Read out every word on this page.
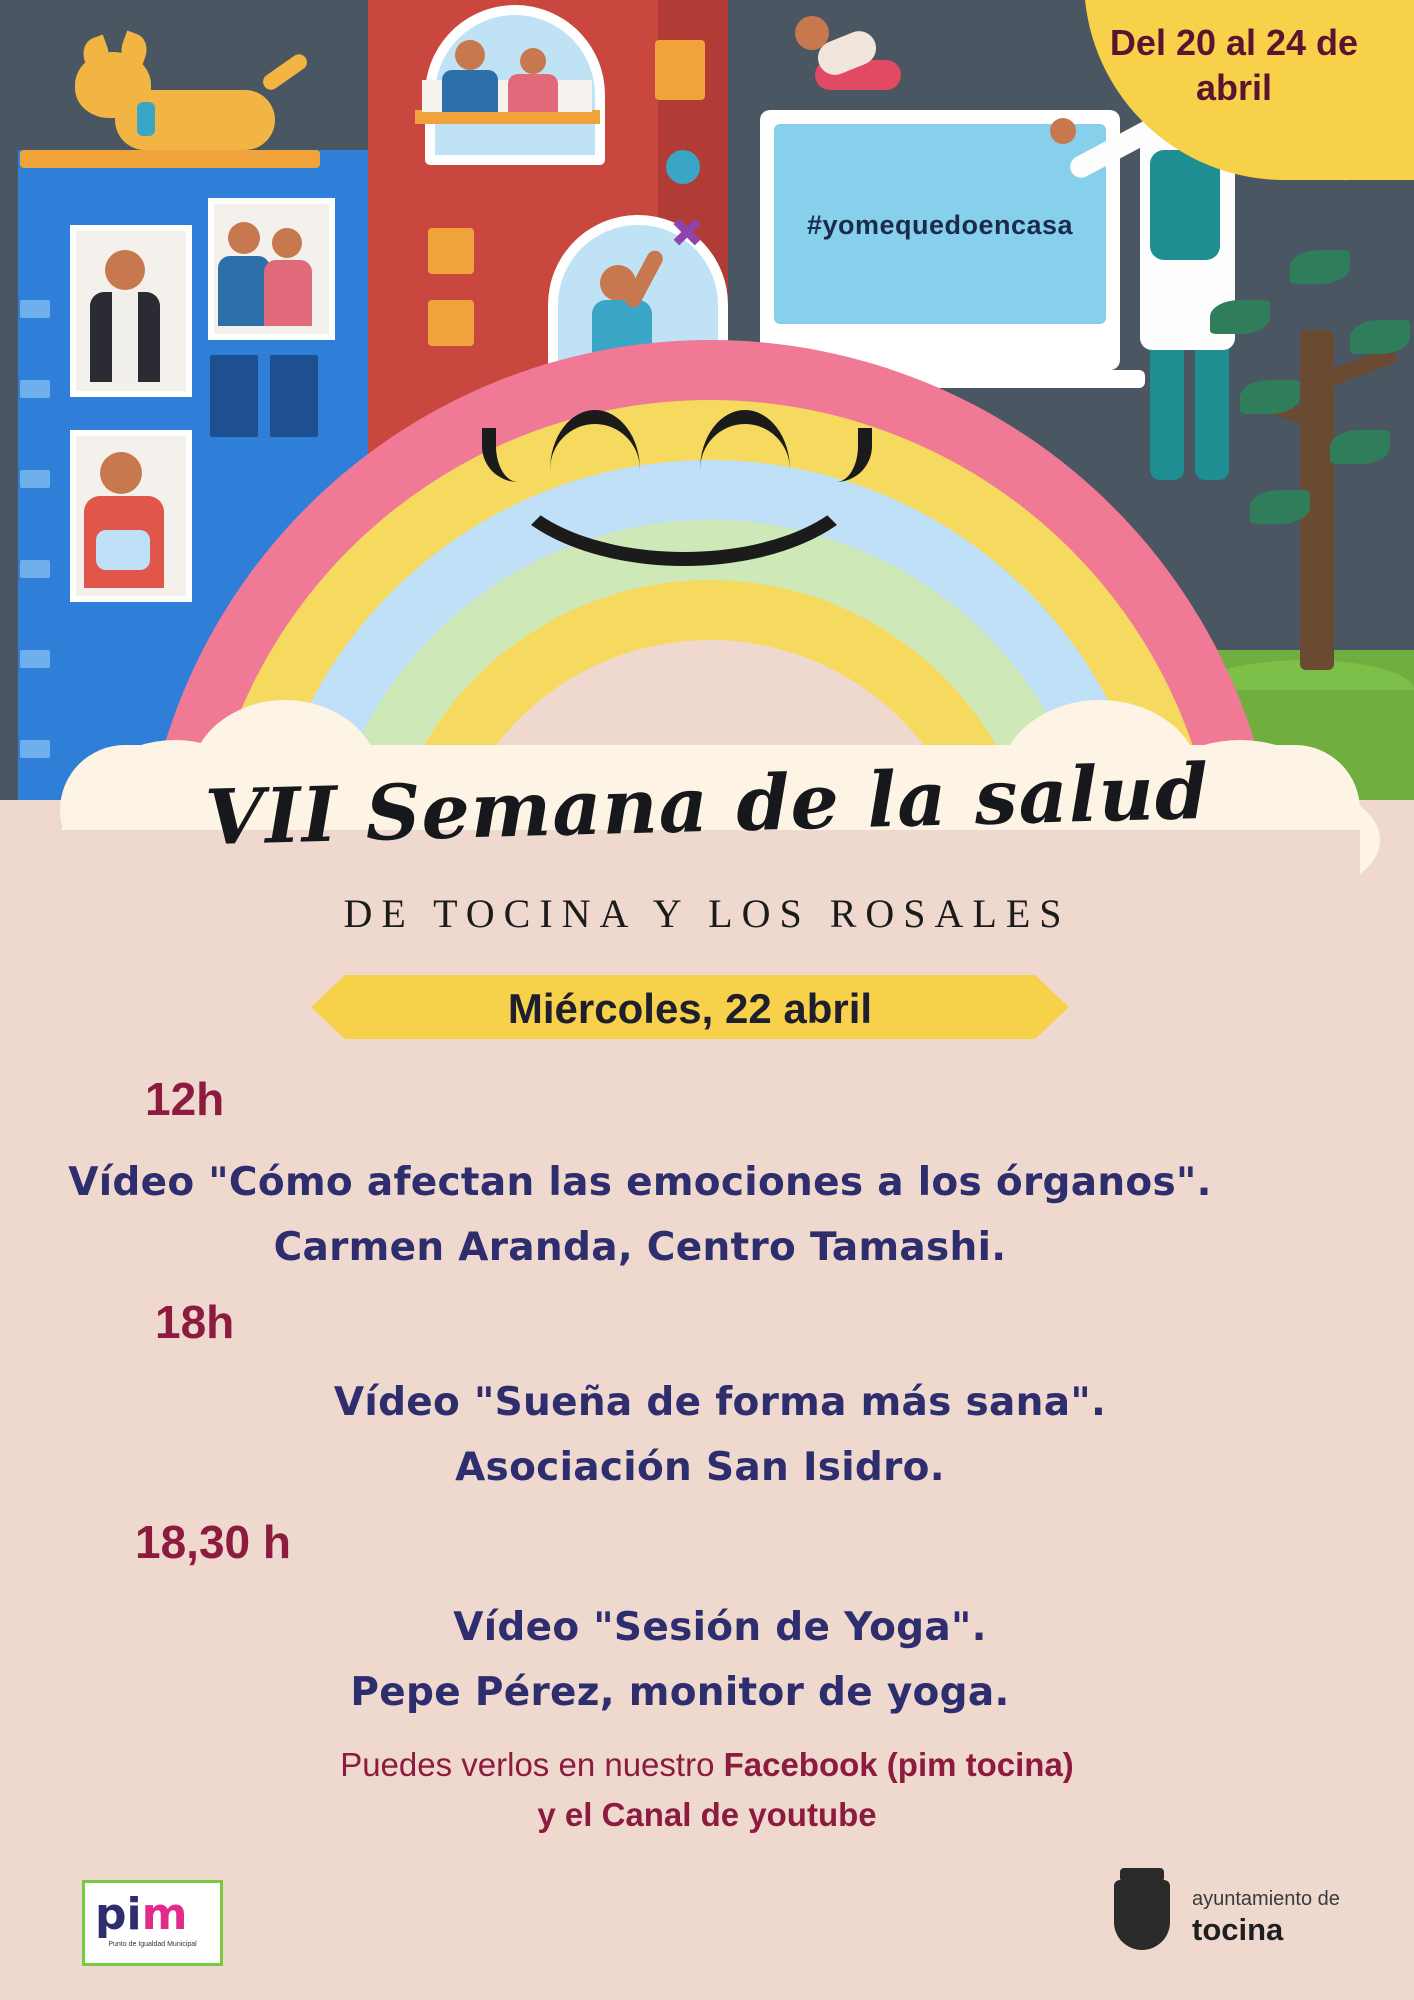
#yomequedoencasa
Del 20 al 24 de abril
VII Semana de la salud
DE TOCINA Y LOS ROSALES
Miércoles, 22 abril
12h
Vídeo "Cómo afectan las emociones a los órganos".
Carmen Aranda, Centro Tamashi.
18h
Vídeo "Sueña de forma más sana".
Asociación San Isidro.
18,30 h
Vídeo "Sesión de Yoga".
Pepe Pérez, monitor de yoga.
Puedes verlos en nuestro Facebook (pim tocina)
y el Canal de youtube
pim
Punto de Igualdad Municipal
ayuntamiento de
tocina
